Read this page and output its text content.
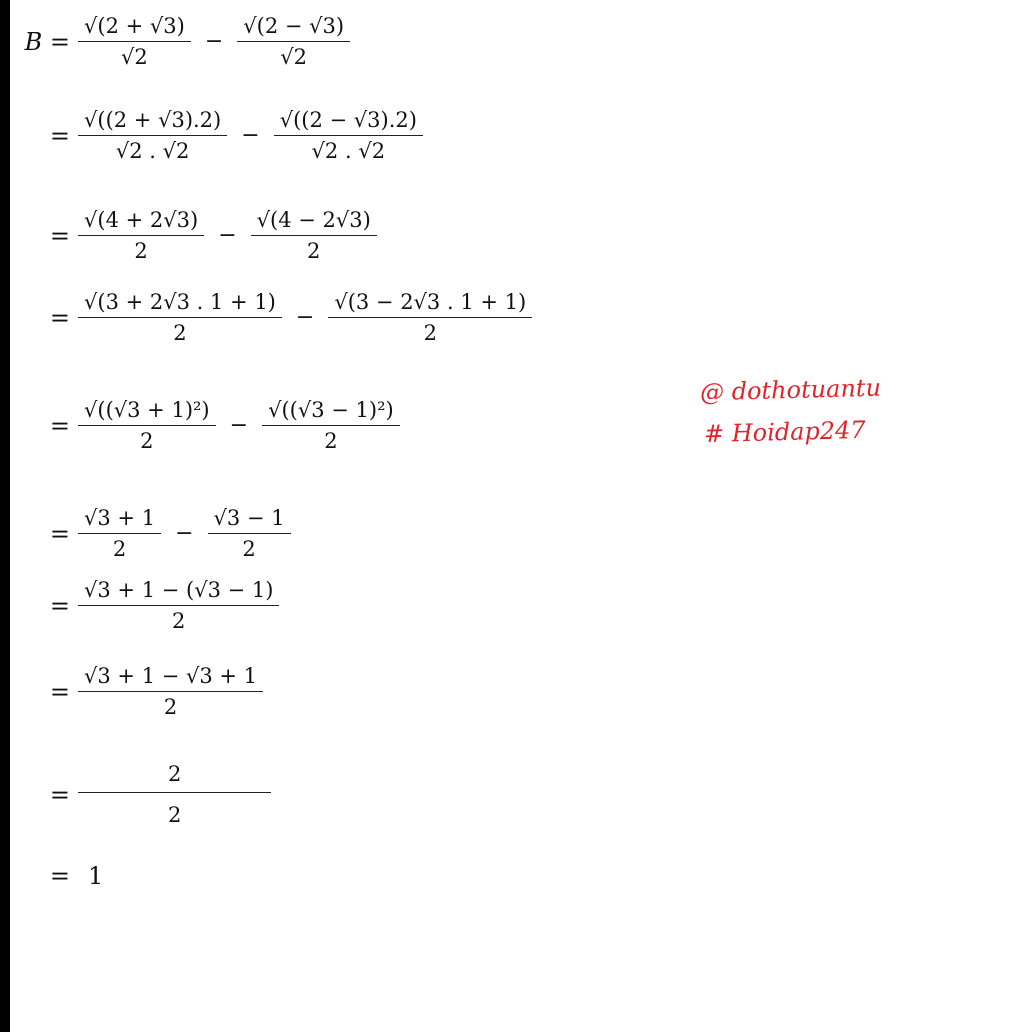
$B = \frac{√(2 + √3)}{√2} - \frac{√(2 - √3)}{√2}$
= $\frac{√((2 + √3).2)}{√2 . √2} - \frac{√((2 - √3).2)}{√2 . √2}$
= $\frac{√(4 + 2√3)}{2} - \frac{√(4 - 2√3)}{2}$
= $\frac{√(3 + 2√3 . 1 + 1)}{2} - \frac{√(3 - 2√3 . 1 + 1)}{2}$
= $\frac{\text{√((√3 + 1)²)}}{2} - \frac{\text{√((√3 − 1)²)}}{2}$
= $\frac{√3 + 1}{2} - \frac{√3 - 1}{2}$
= $\frac{√3 + 1 - (√3 - 1)}{2}$
= $\frac{√3 + 1 - √3 + 1}{2}$
= $\frac{2}{2}$
= 1
@ dothotuantu
# Hoidap247
